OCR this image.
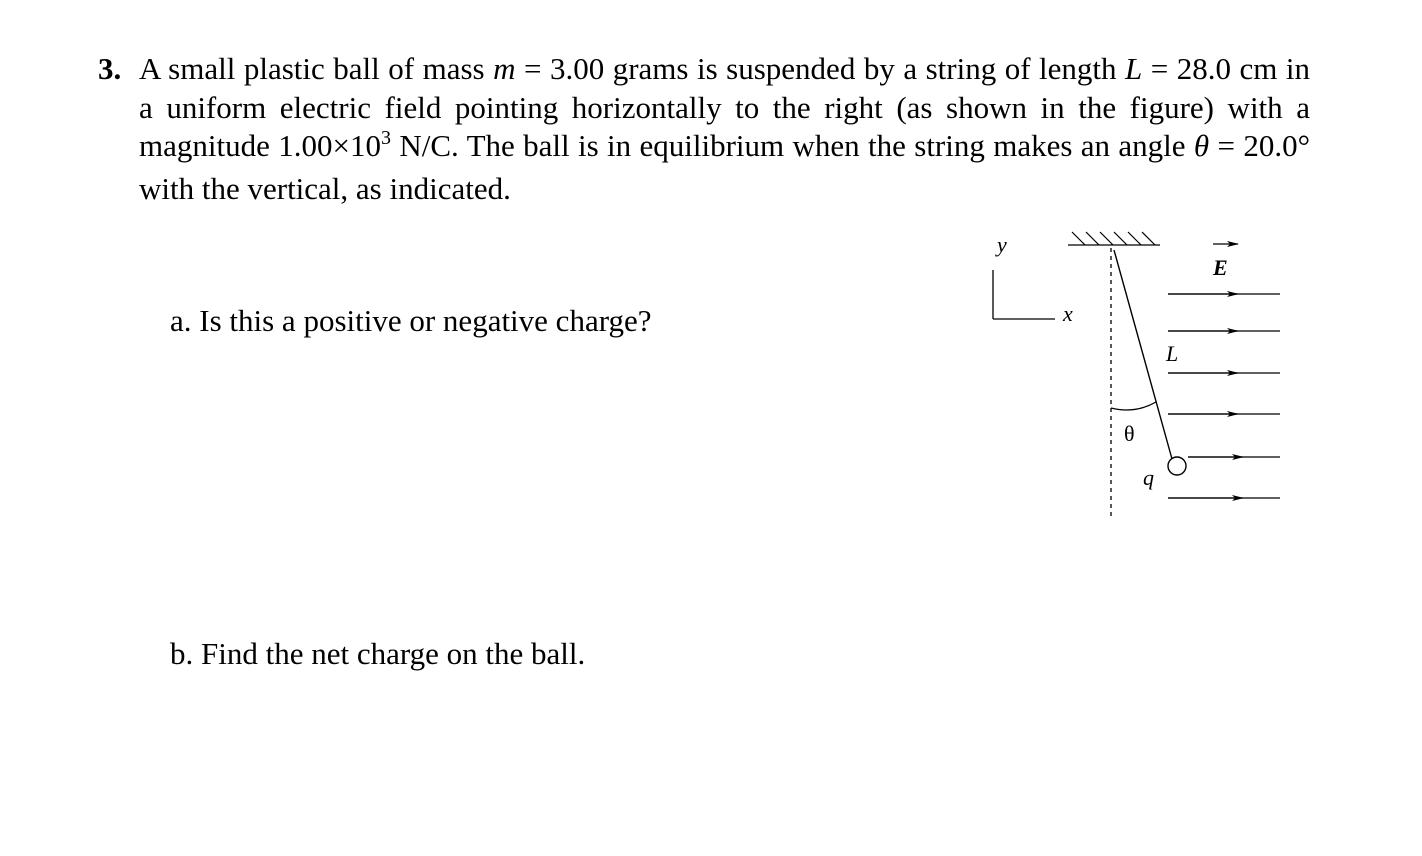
3. A small plastic ball of mass m = 3.00 grams is suspended by a string of length L = 28.0 cm in a uniform electric field pointing horizontally to the right (as shown in the figure) with a magnitude $1.00\times 10^3$ N/C. The ball is in equilibrium when the string makes an angle θ = 20.0° with the vertical, as indicated.
a. Is this a positive or negative charge?
b. Find the net charge on the ball.
y
x
L
θ
q
E
